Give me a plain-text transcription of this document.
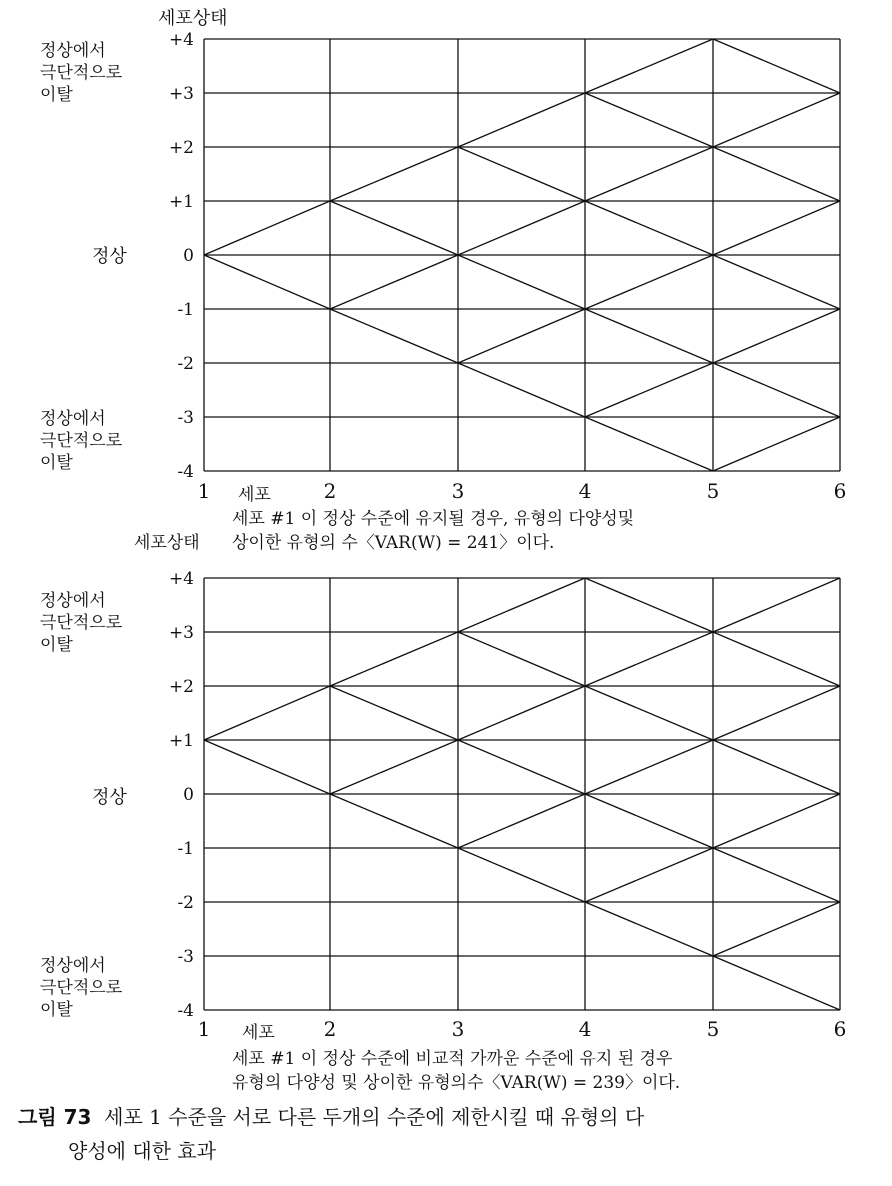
세포상태
정상에서
극단적으로
이탈
정상
정상에서
극단적으로
이탈
세포
세포 #1 이 정상 수준에 유지될 경우, 유형의 다양성및
세포상태 상이한 유형의 수〈VAR(W) = 241〉이다.
정상에서
극단적으로
이탈
정상
정상에서
극단적으로
이탈
세포
세포 #1 이 정상 수준에 비교적 가까운 수준에 유지 된 경우
유형의 다양성 및 상이한 유형의수〈VAR(W) = 239〉이다.
그림 73 세포 1 수준을 서로 다른 두개의 수준에 제한시킬 때 유형의 다
양성에 대한 효과
+4
+3
+2
+1
0
-1
-2
-3
-4
1	2	3	4	5	6
+4
+3
+2
+1
0
-1
-2
-3
-4
1	2	3	4	5	6
